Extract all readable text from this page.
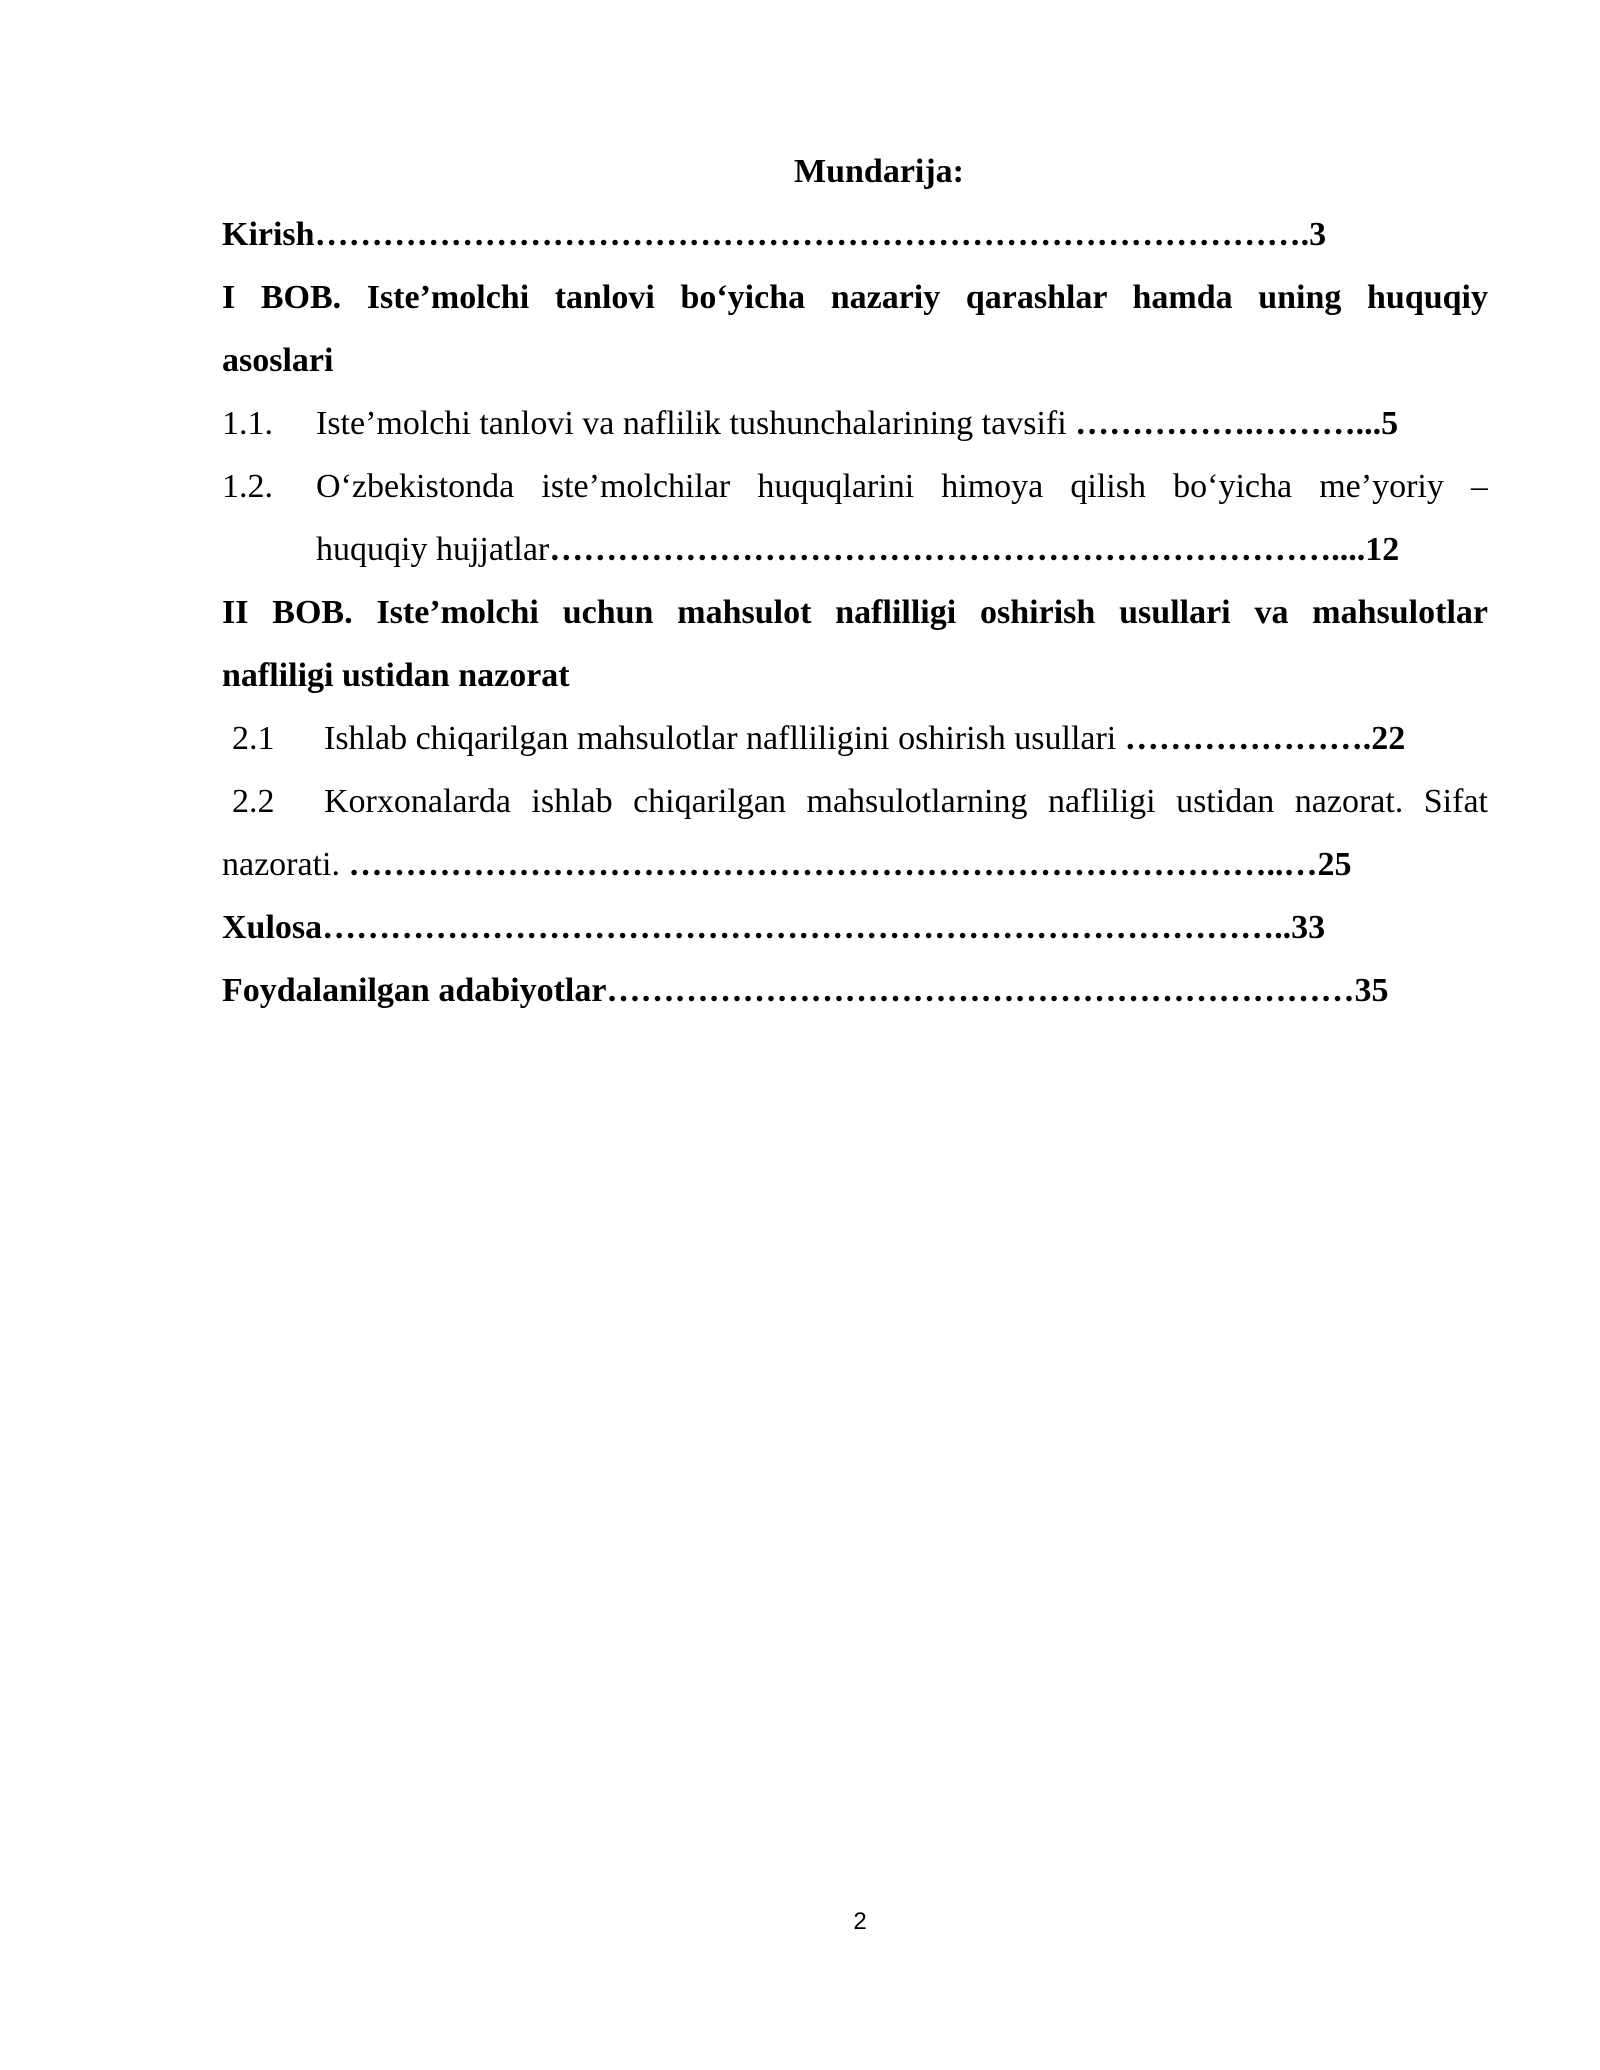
Mundarija:
Kirish…………………………………………………………………………….3
I BOB. Iste’molchi tanlovi bo‘yicha nazariy qarashlar hamda uning huquqiy
asoslari
1.1. Iste’molchi tanlovi va naflilik tushunchalarining tavsifi …………….………...5
1.2.	O‘zbekistonda iste’molchilar huquqlarini himoya qilish bo‘yicha me’yoriy –
huquqiy hujjatlar……………………………………………………………....12
II BOB. Iste’molchi uchun mahsulot naflilligi oshirish usullari va mahsulotlar
nafliligi ustidan nazorat
2.1 Ishlab chiqarilgan mahsulotlar naflliligini oshirish usullari ………………….22
2.2	Korxonalarda ishlab chiqarilgan mahsulotlarning nafliligi ustidan nazorat. Sifat
nazorati. ………………………………………………………………………..…25
Xulosa…………………………………………………………………………..33
Foydalanilgan adabiyotlar…………………………………………………………35
2
